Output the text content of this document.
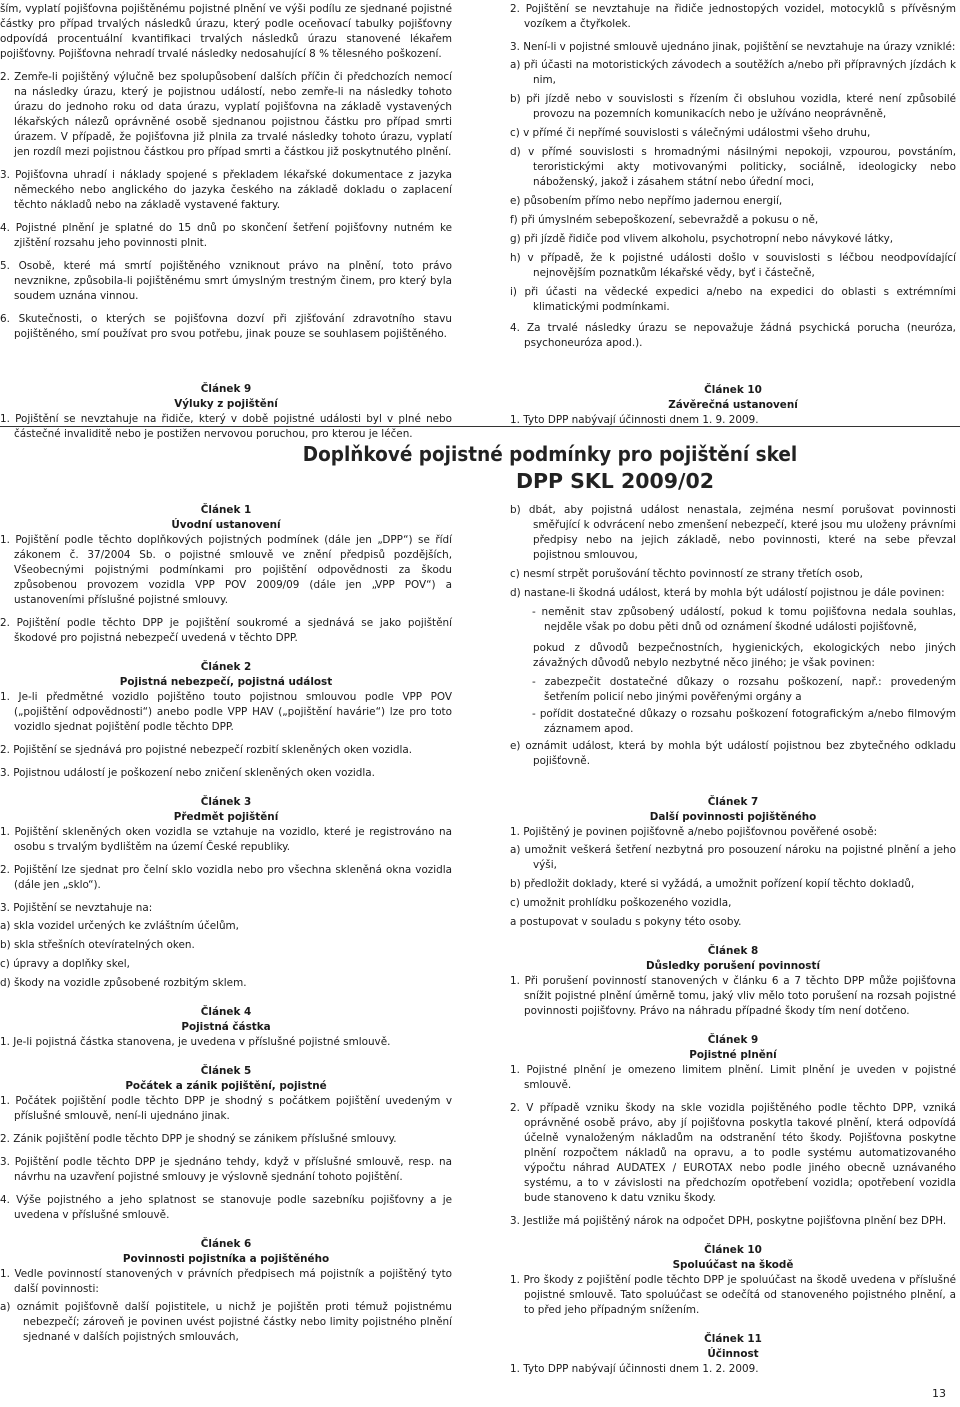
ším, vyplatí pojišťovna pojištěnému pojistné plnění ve výši podílu ze sjednané pojistné částky pro případ trvalých následků úrazu, který podle oceňovací tabulky pojišťovny odpovídá procentuální kvantifikaci trvalých následků úrazu stanovené lékařem pojišťovny. Pojišťovna nehradí trvalé následky nedosahující 8 % tělesného poškození.

2. Zemře-li pojištěný výlučně bez spolupůsobení dalších příčin či předchozích nemocí na následky úrazu, který je pojistnou událostí, nebo zemře-li na následky tohoto úrazu do jednoho roku od data úrazu, vyplatí pojišťovna na základě vystavených lékařských nálezů oprávněné osobě sjednanou pojistnou částku pro případ smrti úrazem. V případě, že pojišťovna již plnila za trvalé následky tohoto úrazu, vyplatí jen rozdíl mezi pojistnou částkou pro případ smrti a částkou již poskytnutého plnění.

3. Pojišťovna uhradí i náklady spojené s překladem lékařské dokumentace z jazyka německého nebo anglického do jazyka českého na základě dokladu o zaplacení těchto nákladů nebo na základě vystavené faktury.

4. Pojistné plnění je splatné do 15 dnů po skončení šetření pojišťovny nutném ke zjištění rozsahu jeho povinnosti plnit.

5. Osobě, které má smrtí pojištěného vzniknout právo na plnění, toto právo nevznikne, způsobila-li pojištěnému smrt úmyslným trestným činem, pro který byla soudem uznána vinnou.

6. Skutečnosti, o kterých se pojišťovna dozví při zjišťování zdravotního stavu pojištěného, smí používat pro svou potřebu, jinak pouze se souhlasem pojištěného.

Článek 9
Výluky z pojištění

1. Pojištění se nevztahuje na řidiče, který v době pojistné události byl v plné nebo částečné invaliditě nebo je postižen nervovou poruchou, pro kterou je léčen.

2. Pojištění se nevztahuje na řidiče jednostopých vozidel, motocyklů s přívěsným vozíkem a čtyřkolek.

3. Není-li v pojistné smlouvě ujednáno jinak, pojištění se nevztahuje na úrazy vzniklé:

a) při účasti na motoristických závodech a soutěžích a/nebo při přípravných jízdách k nim,

b) při jízdě nebo v souvislosti s řízením či obsluhou vozidla, které není způsobilé provozu na pozemních komunikacích nebo je užíváno neoprávněně,

c) v přímé či nepřímé souvislosti s válečnými událostmi všeho druhu,

d) v přímé souvislosti s hromadnými násilnými nepokoji, vzpourou, povstáním, teroristickými akty motivovanými politicky, sociálně, ideologicky nebo náboženský, jakož i zásahem státní nebo úřední moci,

e) působením přímo nebo nepřímo jadernou energií,

f) při úmyslném sebepoškození, sebevraždě a pokusu o ně,

g) při jízdě řidiče pod vlivem alkoholu, psychotropní nebo návykové látky,

h) v případě, že k pojistné události došlo v souvislosti s léčbou neodpovídající nejnovějším poznatkům lékařské vědy, byť i částečně,

i) při účasti na vědecké expedici a/nebo na expedici do oblasti s extrémními klimatickými podmínkami.

4. Za trvalé následky úrazu se nepovažuje žádná psychická porucha (neuróza, psychoneuróza apod.).

Článek 10
Závěrečná ustanovení

1. Tyto DPP nabývají účinnosti dnem 1. 9. 2009.

Doplňkové pojistné podmínky pro pojištění skel
DPP SKL 2009/02
Článek 1
Úvodní ustanovení

1. Pojištění podle těchto doplňkových pojistných podmínek (dále jen „DPP“) se řídí zákonem č. 37/2004 Sb. o pojistné smlouvě ve znění předpisů pozdějších, Všeobecnými pojistnými podmínkami pro pojištění odpovědnosti za škodu způsobenou provozem vozidla VPP POV 2009/09 (dále jen „VPP POV“) a ustanoveními příslušné pojistné smlouvy.

2. Pojištění podle těchto DPP je pojištění soukromé a sjednává se jako pojištění škodové pro pojistná nebezpečí uvedená v těchto DPP.

Článek 2
Pojistná nebezpečí, pojistná událost

1. Je-li předmětné vozidlo pojištěno touto pojistnou smlouvou podle VPP POV („pojištění odpovědnosti“) anebo podle VPP HAV („pojištění havárie“) lze pro toto vozidlo sjednat pojištění podle těchto DPP.

2. Pojištění se sjednává pro pojistné nebezpečí rozbití skleněných oken vozidla.

3. Pojistnou událostí je poškození nebo zničení skleněných oken vozidla.

Článek 3
Předmět pojištění

1. Pojištění skleněných oken vozidla se vztahuje na vozidlo, které je registrováno na osobu s trvalým bydlištěm na území České republiky.

2. Pojištění lze sjednat pro čelní sklo vozidla nebo pro všechna skleněná okna vozidla (dále jen „sklo“).

3. Pojištění se nevztahuje na:

a) skla vozidel určených ke zvláštním účelům,

b) skla střešních otevíratelných oken.

c) úpravy a doplňky skel,

d) škody na vozidle způsobené rozbitým sklem.

Článek 4
Pojistná částka

1. Je-li pojistná částka stanovena, je uvedena v příslušné pojistné smlouvě.

Článek 5
Počátek a zánik pojištění, pojistné

1. Počátek pojištění podle těchto DPP je shodný s počátkem pojištění uvedeným v příslušné smlouvě, není-li ujednáno jinak.

2. Zánik pojištění podle těchto DPP je shodný se zánikem příslušné smlouvy.

3. Pojištění podle těchto DPP je sjednáno tehdy, když v příslušné smlouvě, resp. na návrhu na uzavření pojistné smlouvy je výslovně sjednání tohoto pojištění.

4. Výše pojistného a jeho splatnost se stanovuje podle sazebníku pojišťovny a je uvedena v příslušné smlouvě.

Článek 6
Povinnosti pojistníka a pojištěného

1. Vedle povinností stanovených v právních předpisech má pojistník a pojištěný tyto další povinnosti:

a) oznámit pojišťovně další pojistitele, u nichž je pojištěn proti témuž pojistnému nebezpečí; zároveň je povinen uvést pojistné částky nebo limity pojistného plnění sjednané v dalších pojistných smlouvách,

b) dbát, aby pojistná událost nenastala, zejména nesmí porušovat povinnosti směřující k odvrácení nebo zmenšení nebezpečí, které jsou mu uloženy právními předpisy nebo na jejich základě, nebo povinnosti, které na sebe převzal pojistnou smlouvou,

c) nesmí strpět porušování těchto povinností ze strany třetích osob,

d) nastane-li škodná událost, která by mohla být událostí pojistnou je dále povinen:

- neměnit stav způsobený událostí, pokud k tomu pojišťovna nedala souhlas, nejděle však po dobu pěti dnů od oznámení škodné události pojišťovně,

pokud z důvodů bezpečnostních, hygienických, ekologických nebo jiných závažných důvodů nebylo nezbytné něco jiného; je však povinen:

- zabezpečit dostatečné důkazy o rozsahu poškození, např.: provedeným šetřením policií nebo jinými pověřenými orgány a

- pořídit dostatečné důkazy o rozsahu poškození fotografickým a/nebo filmovým záznamem apod.

e) oznámit událost, která by mohla být událostí pojistnou bez zbytečného odkladu pojišťovně.

Článek 7
Další povinnosti pojištěného

1. Pojištěný je povinen pojišťovně a/nebo pojišťovnou pověřené osobě:

a) umožnit veškerá šetření nezbytná pro posouzení nároku na pojistné plnění a jeho výši,

b) předložit doklady, které si vyžádá, a umožnit pořízení kopií těchto dokladů,

c) umožnit prohlídku poškozeného vozidla,

a postupovat v souladu s pokyny této osoby.

Článek 8
Důsledky porušení povinností

1. Při porušení povinností stanovených v článku 6 a 7 těchto DPP může pojišťovna snížit pojistné plnění úměrně tomu, jaký vliv mělo toto porušení na rozsah pojistné povinnosti pojišťovny. Právo na náhradu případné škody tím není dotčeno.

Článek 9
Pojistné plnění

1. Pojistné plnění je omezeno limitem plnění. Limit plnění je uveden v pojistné smlouvě.

2. V případě vzniku škody na skle vozidla pojištěného podle těchto DPP, vzniká oprávněné osobě právo, aby jí pojišťovna poskytla takové plnění, která odpovídá účelně vynaloženým nákladům na odstranění této škody. Pojišťovna poskytne plnění rozpočtem nákladů na opravu, a to podle systému automatizovaného výpočtu náhrad AUDATEX / EUROTAX nebo podle jiného obecně uznávaného systému, a to v závislosti na předchozím opotřebení vozidla; opotřebení vozidla bude stanoveno k datu vzniku škody.

3. Jestliže má pojištěný nárok na odpočet DPH, poskytne pojišťovna plnění bez DPH.

Článek 10
Spoluúčast na škodě

1. Pro škody z pojištění podle těchto DPP je spoluúčast na škodě uvedena v příslušné pojistné smlouvě. Tato spoluúčast se odečítá od stanoveného pojistného plnění, a to před jeho případným snížením.

Článek 11
Účinnost

1. Tyto DPP nabývají účinnosti dnem 1. 2. 2009.

13
